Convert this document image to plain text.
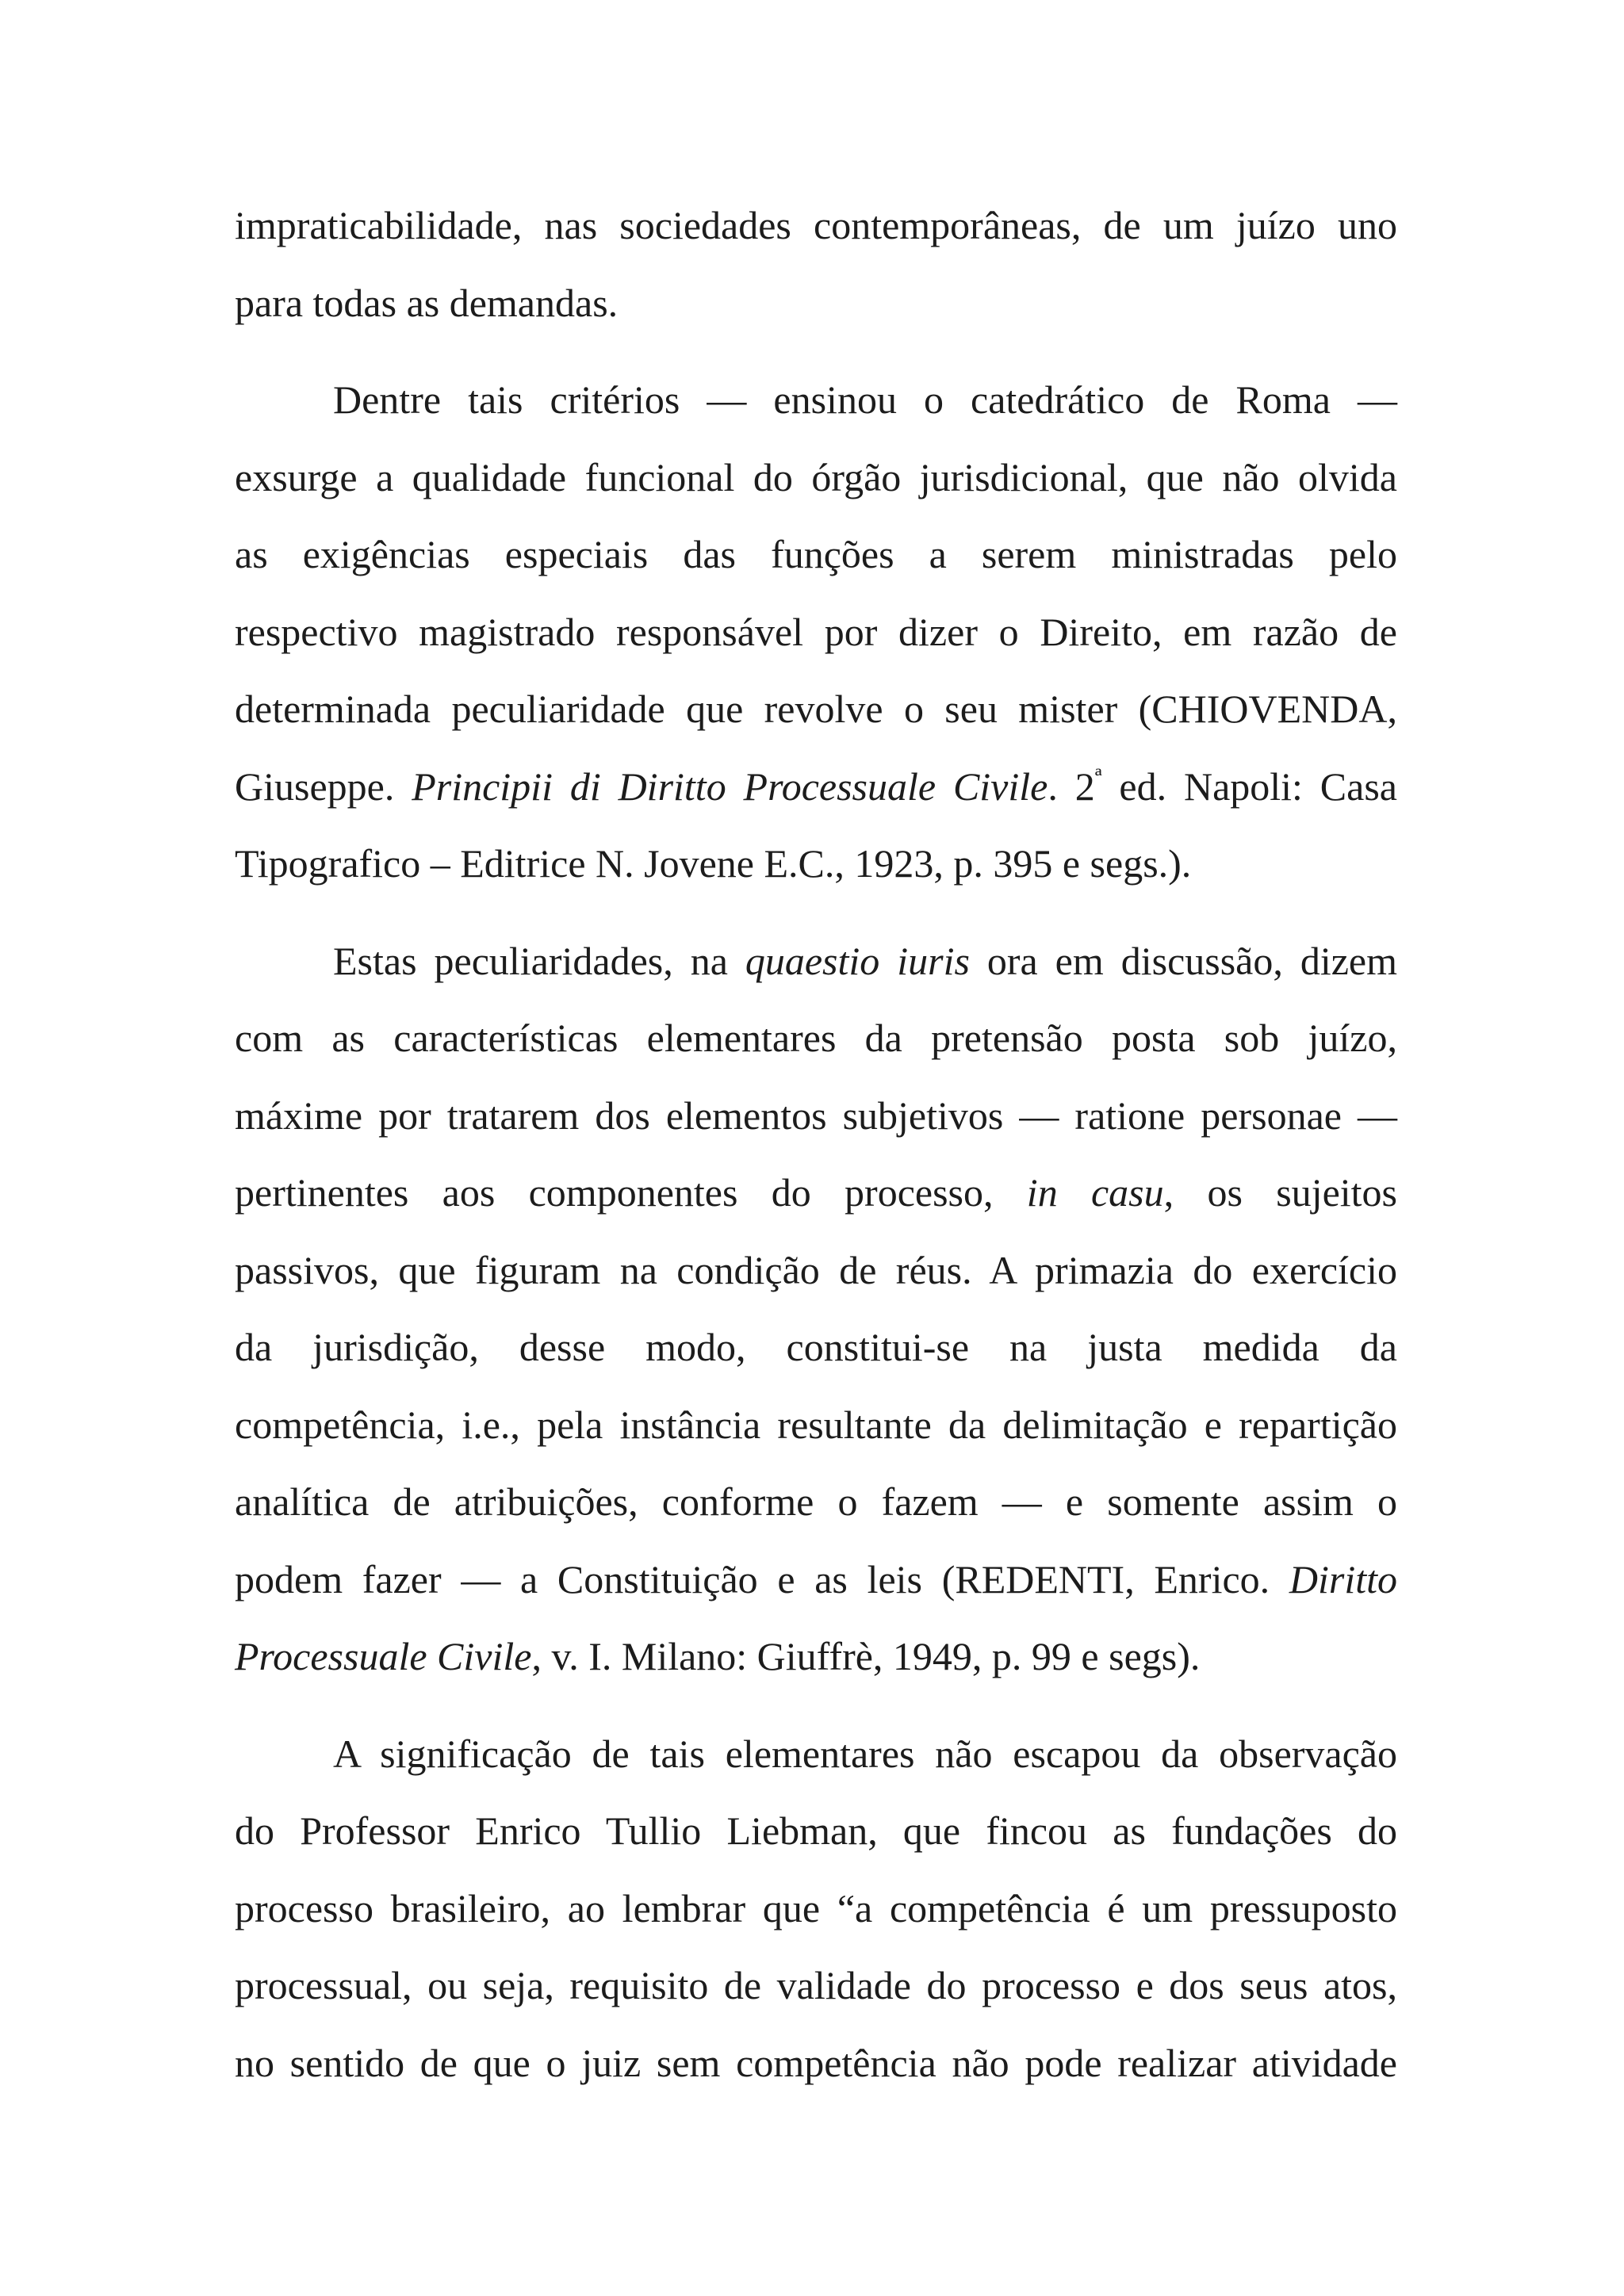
impraticabilidade, nas sociedades contemporâneas, de um juízo uno
para todas as demandas.

Dentre tais critérios — ensinou o catedrático de Roma —
exsurge a qualidade funcional do órgão jurisdicional, que não olvida
as exigências especiais das funções a serem ministradas pelo
respectivo magistrado responsável por dizer o Direito, em razão de
determinada peculiaridade que revolve o seu mister (CHIOVENDA,
Giuseppe. Principii di Diritto Processuale Civile. $2^ª$ ed. Napoli: Casa
Tipografico – Editrice N. Jovene E.C., 1923, p. 395 e segs.).

Estas peculiaridades, na quaestio iuris ora em discussão, dizem
com as características elementares da pretensão posta sob juízo,
máxime por tratarem dos elementos subjetivos — ratione personae —
pertinentes aos componentes do processo, in casu, os sujeitos
passivos, que figuram na condição de réus. A primazia do exercício
da jurisdição, desse modo, constitui-se na justa medida da
competência, i.e., pela instância resultante da delimitação e repartição
analítica de atribuições, conforme o fazem — e somente assim o
podem fazer — a Constituição e as leis (REDENTI, Enrico. Diritto
Processuale Civile, v. I. Milano: Giuffrè, 1949, p. 99 e segs).

A significação de tais elementares não escapou da observação
do Professor Enrico Tullio Liebman, que fincou as fundações do
processo brasileiro, ao lembrar que “a competência é um pressuposto
processual, ou seja, requisito de validade do processo e dos seus atos,
no sentido de que o juiz sem competência não pode realizar atividade
